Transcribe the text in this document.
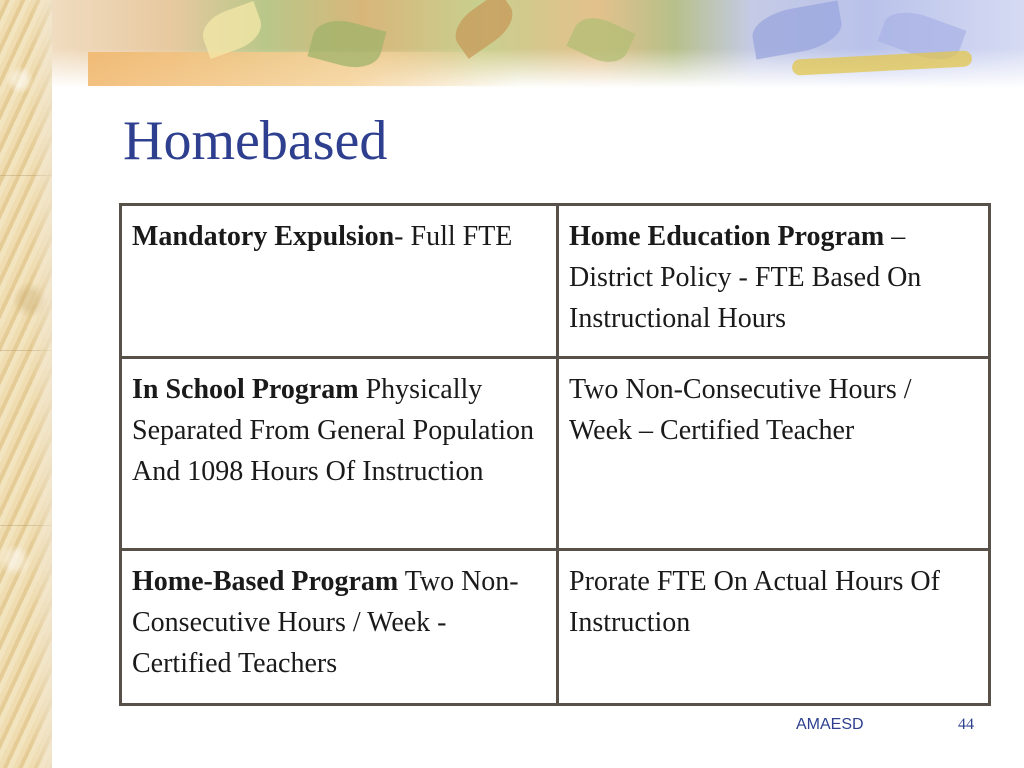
Homebased
Mandatory Expulsion- Full FTE	Home Education Program – District Policy - FTE Based On Instructional Hours
In School Program Physically Separated From General Population And 1098 Hours Of Instruction	Two Non-Consecutive Hours / Week – Certified Teacher
Home-Based Program Two Non-Consecutive Hours / Week - Certified Teachers	Prorate FTE On Actual Hours Of Instruction
AMAESD	44
